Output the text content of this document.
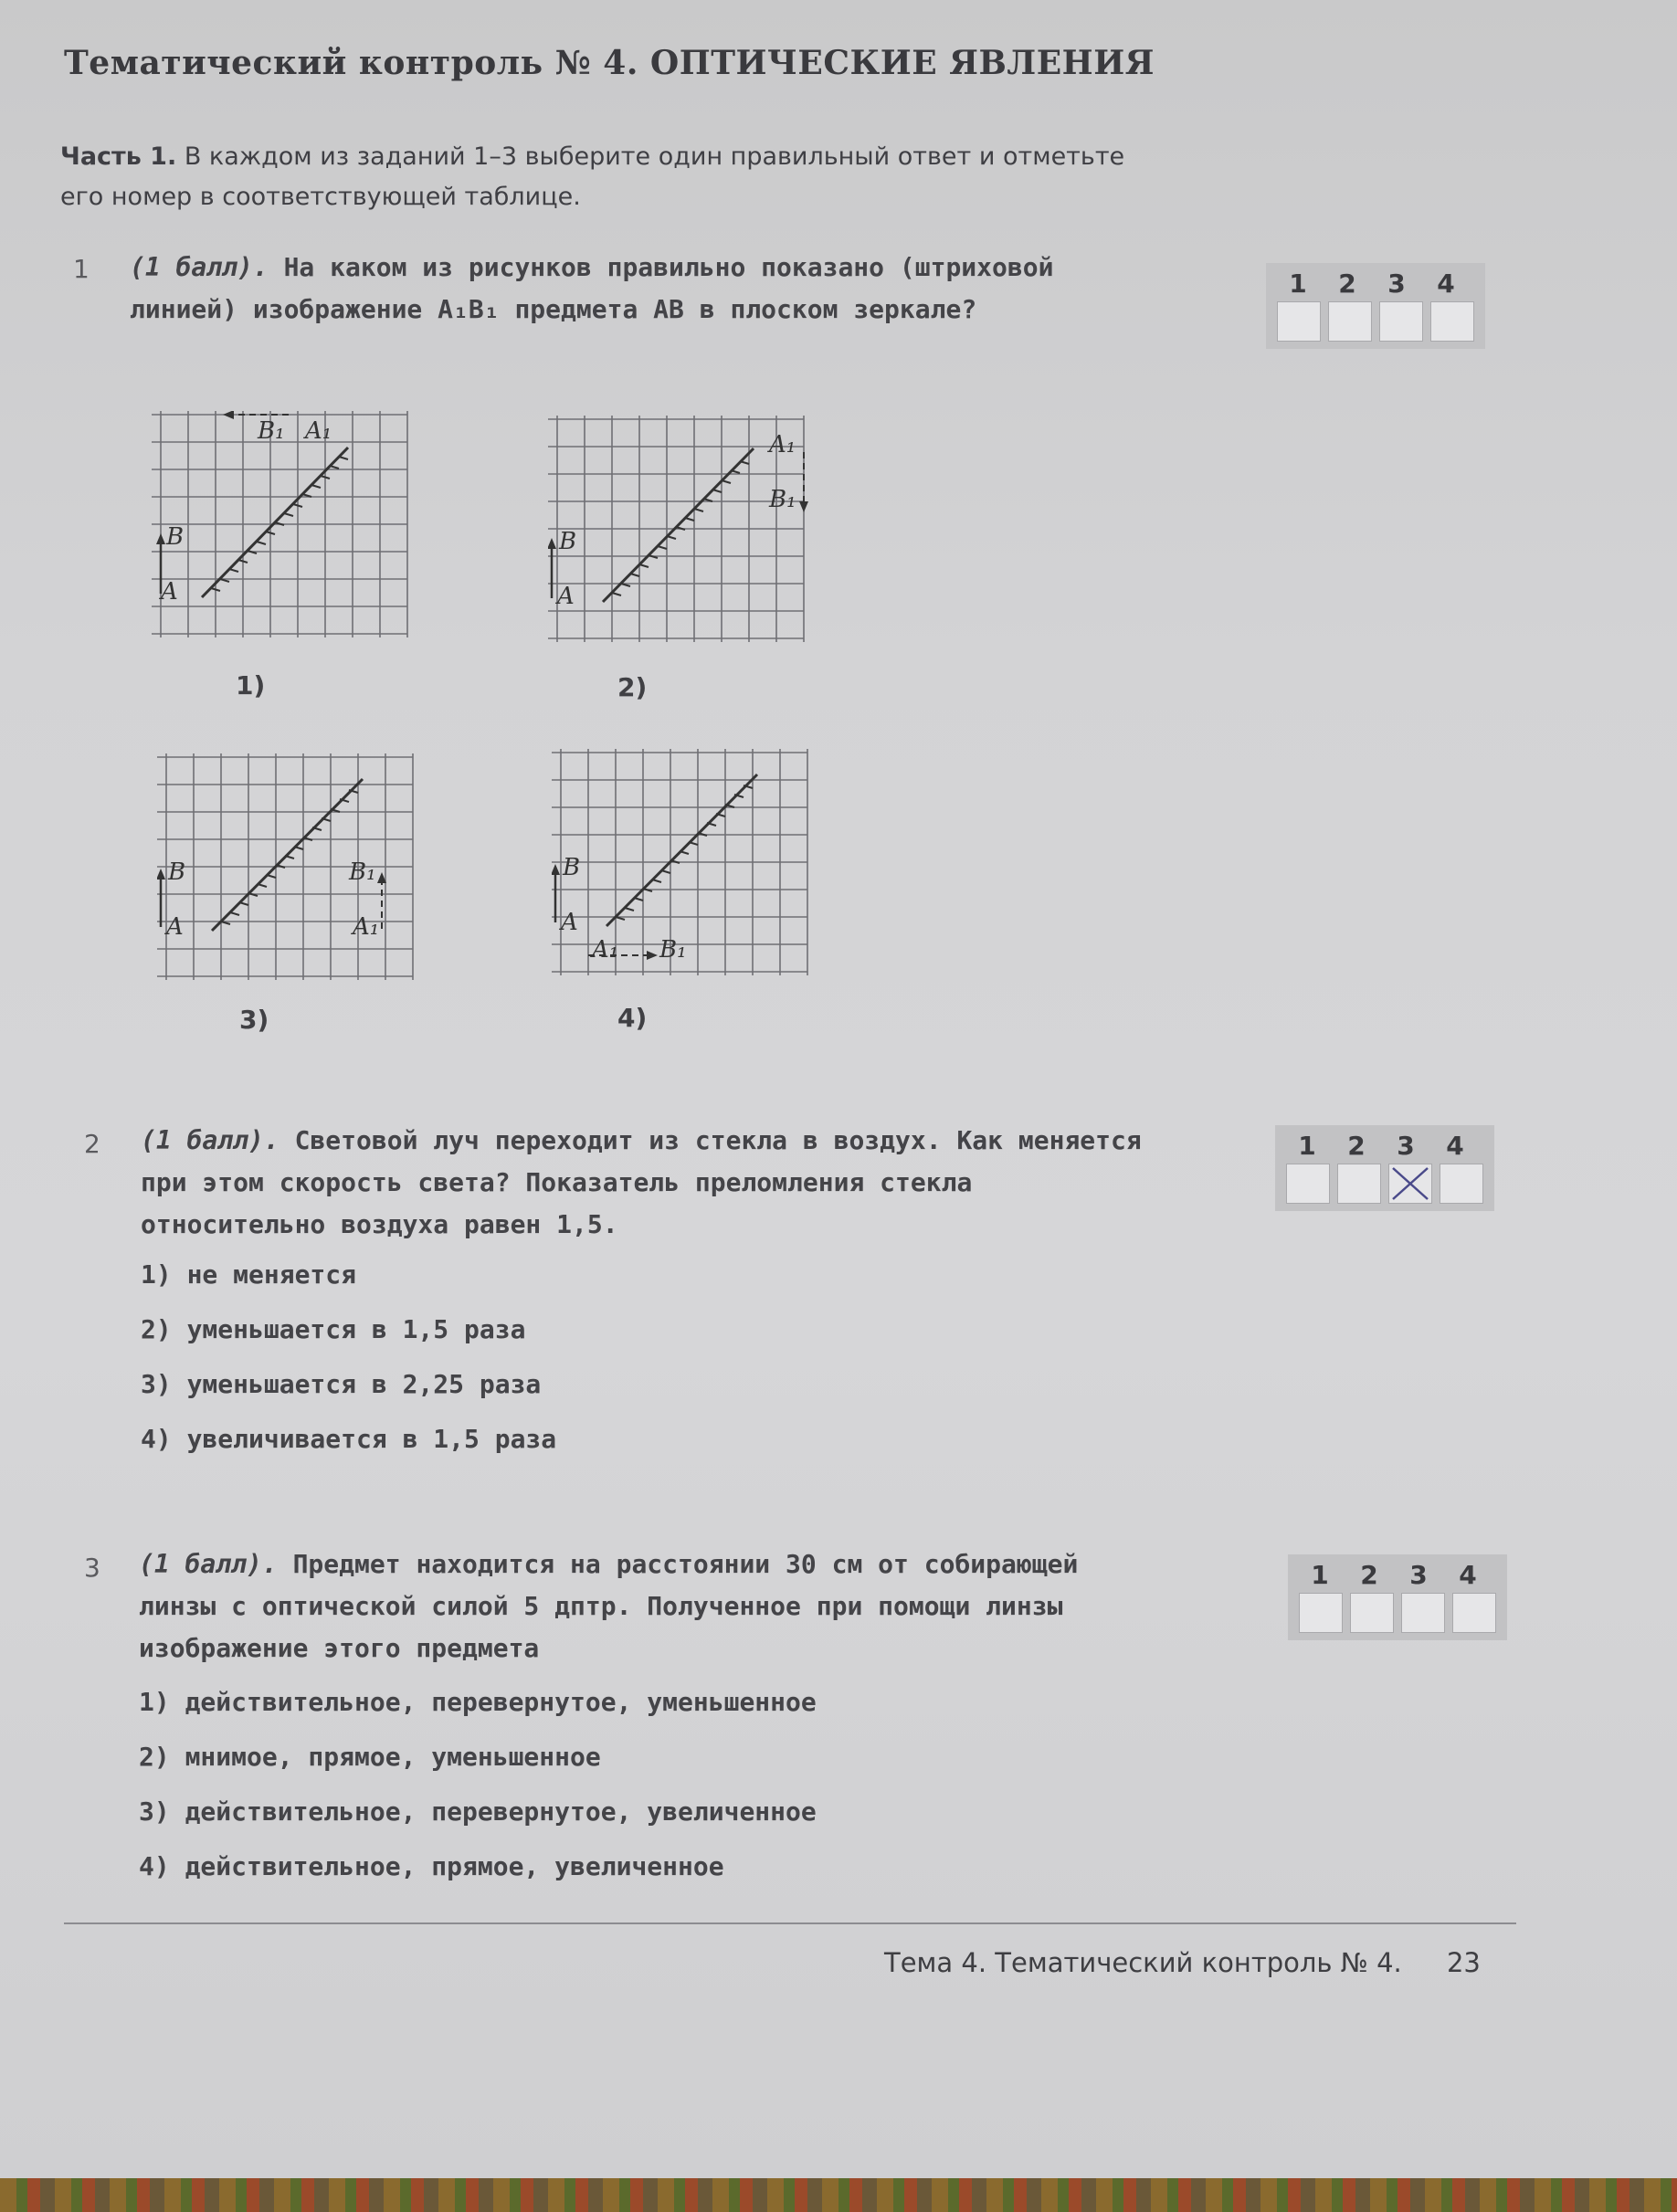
Тематический контроль № 4. ОПТИЧЕСКИЕ ЯВЛЕНИЯ
Часть 1. В каждом из заданий 1–3 выберите один правильный ответ и отметьте его номер в соответствующей таблице.
1 (1 балл). На каком из рисунков правильно показано (штриховой линией) изображение A₁B₁ предмета AB в плоском зеркале?
1	2	3	4
B
A
B₁ A₁
1)
B
A
A₁
B₁
2)
B
A
B₁
A₁
3)
B
A
A₁ B₁
4)
2 (1 балл). Световой луч переходит из стекла в воздух. Как меняется при этом скорость света? Показатель преломления стекла относительно воздуха равен 1,5.
1	2	3	4
1) не меняется
2) уменьшается в 1,5 раза
3) уменьшается в 2,25 раза
4) увеличивается в 1,5 раза
3 (1 балл). Предмет находится на расстоянии 30 см от собирающей линзы с оптической силой 5 дптр. Полученное при помощи линзы изображение этого предмета
1	2	3	4
1) действительное, перевернутое, уменьшенное
2) мнимое, прямое, уменьшенное
3) действительное, перевернутое, увеличенное
4) действительное, прямое, увеличенное
Тема 4. Тематический контроль № 4. 23
